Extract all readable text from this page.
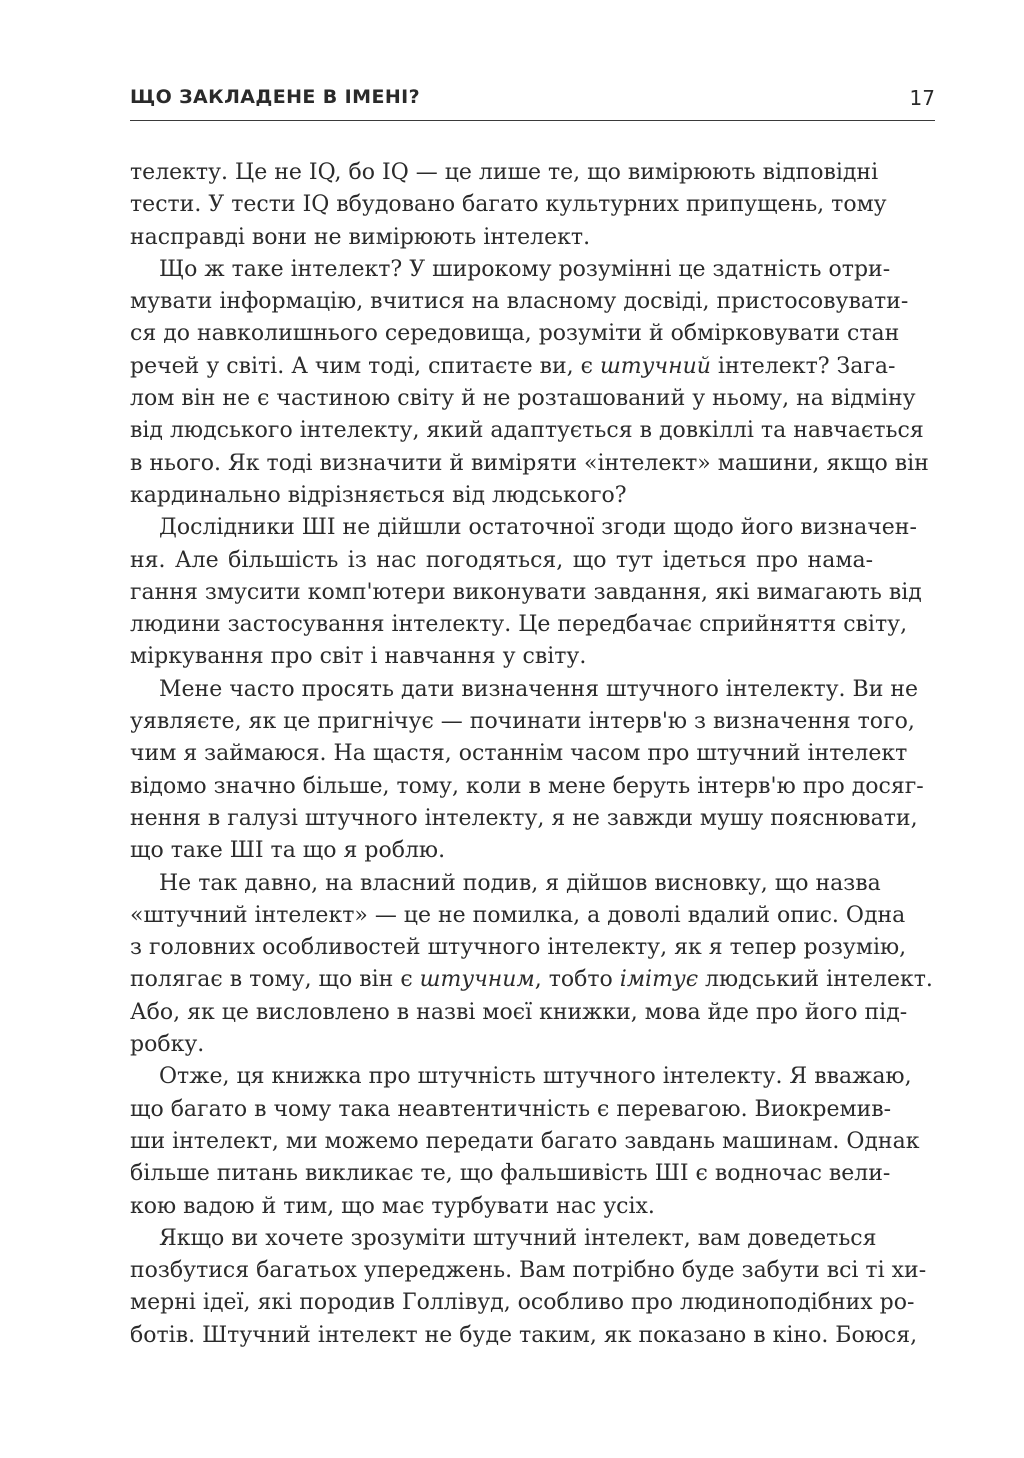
ЩО ЗАКЛАДЕНЕ В ІМЕНІ?	17
телекту. Це не IQ, бо IQ — це лише те, що вимірюють відповідні
тести. У тести IQ вбудовано багато культурних припущень, тому
насправді вони не вимірюють інтелект.
Що ж таке інтелект? У широкому розумінні це здатність отри-
мувати інформацію, вчитися на власному досвіді, пристосовувати-
ся до навколишнього середовища, розуміти й обмірковувати стан
речей у світі. А чим тоді, спитаєте ви, є штучний інтелект? Зага-
лом він не є частиною світу й не розташований у ньому, на відміну
від людського інтелекту, який адаптується в довкіллі та навчається
в нього. Як тоді визначити й виміряти «інтелект» машини, якщо він
кардинально відрізняється від людського?
Дослідники ШІ не дійшли остаточної згоди щодо його визначен-
ня. Але більшість із нас погодяться, що тут ідеться про нама-
гання змусити комп'ютери виконувати завдання, які вимагають від
людини застосування інтелекту. Це передбачає сприйняття світу,
міркування про світ і навчання у світу.
Мене часто просять дати визначення штучного інтелекту. Ви не
уявляєте, як це пригнічує — починати інтерв'ю з визначення того,
чим я займаюся. На щастя, останнім часом про штучний інтелект
відомо значно більше, тому, коли в мене беруть інтерв'ю про досяг-
нення в галузі штучного інтелекту, я не завжди мушу пояснювати,
що таке ШІ та що я роблю.
Не так давно, на власний подив, я дійшов висновку, що назва
«штучний інтелект» — це не помилка, а доволі вдалий опис. Одна
з головних особливостей штучного інтелекту, як я тепер розумію,
полягає в тому, що він є штучним, тобто імітує людський інтелект.
Або, як це висловлено в назві моєї книжки, мова йде про його під-
робку.
Отже, ця книжка про штучність штучного інтелекту. Я вважаю,
що багато в чому така неавтентичність є перевагою. Виокремив-
ши інтелект, ми можемо передати багато завдань машинам. Однак
більше питань викликає те, що фальшивість ШІ є водночас вели-
кою вадою й тим, що має турбувати нас усіх.
Якщо ви хочете зрозуміти штучний інтелект, вам доведеться
позбутися багатьох упереджень. Вам потрібно буде забути всі ті хи-
мерні ідеї, які породив Голлівуд, особливо про людиноподібних ро-
ботів. Штучний інтелект не буде таким, як показано в кіно. Боюся,
